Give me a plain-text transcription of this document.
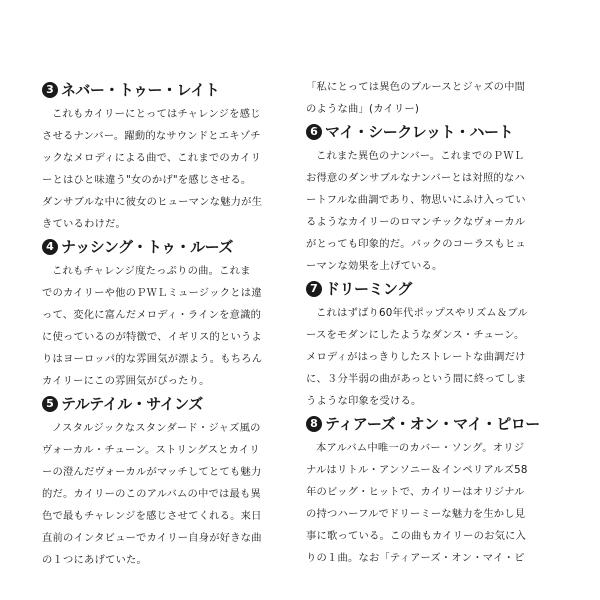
3 ネバー・トゥー・レイト
これもカイリーにとってはチャレンジを感じ
させるナンバー。躍動的なサウンドとエキゾチ
ックなメロディによる曲で、これまでのカイリ
ーとはひと味違う"女のかげ"を感じさせる。
ダンサブルな中に彼女のヒューマンな魅力が生
きているわけだ。
4 ナッシング・トゥ・ルーズ
これもチャレンジ度たっぷりの曲。これま
でのカイリーや他のＰＷＬミュージックとは違
って、変化に富んだメロディ・ラインを意識的
に使っているのが特徴で、イギリス的というよ
りはヨーロッパ的な雰囲気が漂よう。もちろん
カイリーにこの雰囲気がぴったり。
5 テルテイル・サインズ
ノスタルジックなスタンダード・ジャズ風の
ヴォーカル・チューン。ストリングスとカイリ
ーの澄んだヴォーカルがマッチしてとても魅力
的だ。カイリーのこのアルバムの中では最も異
色で最もチャレンジを感じさせてくれる。来日
直前のインタビューでカイリー自身が好きな曲
の１つにあげていた。
「私にとっては異色のブルースとジャズの中間
のような曲」(カイリー)
6 マイ・シークレット・ハート
これまた異色のナンバー。これまでのＰＷＬ
お得意のダンサブルなナンバーとは対照的なハ
ートフルな曲調であり、物思いにふけ入ってい
るようなカイリーのロマンチックなヴォーカル
がとっても印象的だ。バックのコーラスもヒュ
ーマンな効果を上げている。
7 ドリーミング
これはずばり60年代ポップスやリズム＆ブル
ースをモダンにしたようなダンス・チューン。
メロディがはっきりしたストレートな曲調だけ
に、３分半弱の曲があっという間に終ってしま
うような印象を受ける。
8 ティアーズ・オン・マイ・ピロー
本アルバム中唯一のカバー・ソング。オリジ
ナルはリトル・アンソニー＆インペリアルズ58
年のビッグ・ヒットで、カイリーはオリジナル
の持つハーフルでドリーミーな魅力を生かし見
事に歌っている。この曲もカイリーのお気に入
りの１曲。なお「ティアーズ・オン・マイ・ピ
